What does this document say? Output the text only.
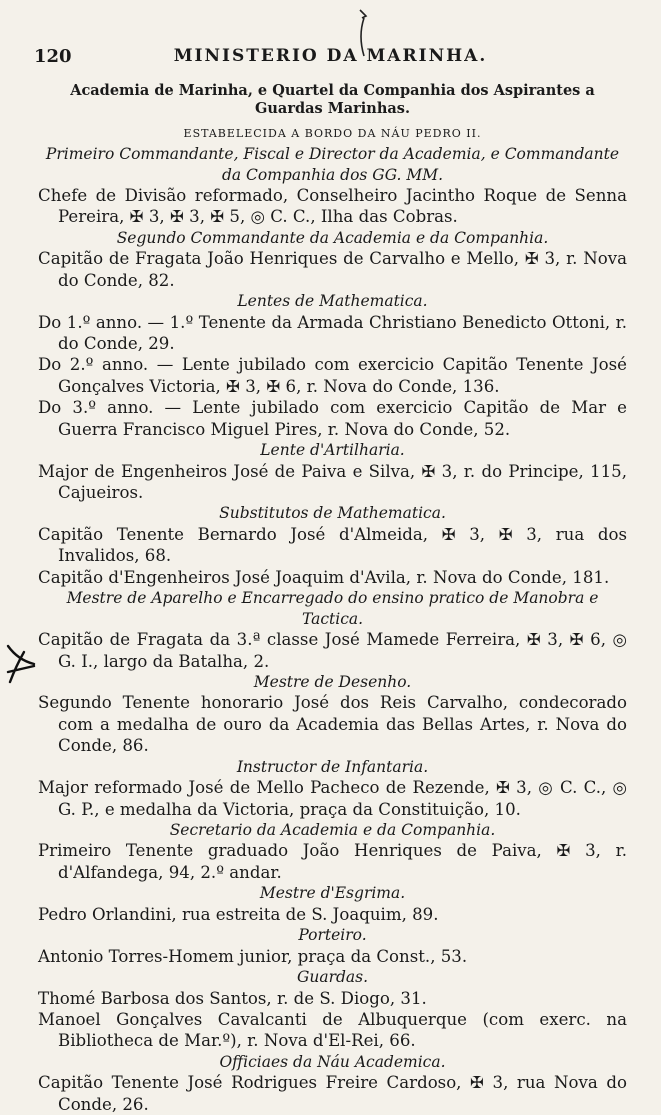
120	MINISTERIO DA MARINHA.
Academia de Marinha, e Quartel da Companhia dos Aspirantes a Guardas Marinhas.
ESTABELECIDA A BORDO DA NÁU PEDRO II.
Primeiro Commandante, Fiscal e Director da Academia, e Commandante da Companhia dos GG. MM.
Chefe de Divisão reformado, Conselheiro Jacintho Roque de Senna Pereira, ✠ 3, ✠ 3, ✠ 5, ◎ C. C., Ilha das Cobras.
Segundo Commandante da Academia e da Companhia.
Capitão de Fragata João Henriques de Carvalho e Mello, ✠ 3, r. Nova do Conde, 82.
Lentes de Mathematica.
Do 1.º anno. — 1.º Tenente da Armada Christiano Benedicto Ottoni, r. do Conde, 29.
Do 2.º anno. — Lente jubilado com exercicio Capitão Tenente José Gonçalves Victoria, ✠ 3, ✠ 6, r. Nova do Conde, 136.
Do 3.º anno. — Lente jubilado com exercicio Capitão de Mar e Guerra Francisco Miguel Pires, r. Nova do Conde, 52.
Lente d'Artilharia.
Major de Engenheiros José de Paiva e Silva, ✠ 3, r. do Principe, 115, Cajueiros.
Substitutos de Mathematica.
Capitão Tenente Bernardo José d'Almeida, ✠ 3, ✠ 3, rua dos Invalidos, 68.
Capitão d'Engenheiros José Joaquim d'Avila, r. Nova do Conde, 181.
Mestre de Aparelho e Encarregado do ensino pratico de Manobra e Tactica.
Capitão de Fragata da 3.ª classe José Mamede Ferreira, ✠ 3, ✠ 6, ◎ G. I., largo da Batalha, 2.
Mestre de Desenho.
Segundo Tenente honorario José dos Reis Carvalho, condecorado com a medalha de ouro da Academia das Bellas Artes, r. Nova do Conde, 86.
Instructor de Infantaria.
Major reformado José de Mello Pacheco de Rezende, ✠ 3, ◎ C. C., ◎ G. P., e medalha da Victoria, praça da Constituição, 10.
Secretario da Academia e da Companhia.
Primeiro Tenente graduado João Henriques de Paiva, ✠ 3, r. d'Alfandega, 94, 2.º andar.
Mestre d'Esgrima.
Pedro Orlandini, rua estreita de S. Joaquim, 89.
Porteiro.
Antonio Torres-Homem junior, praça da Const., 53.
Guardas.
Thomé Barbosa dos Santos, r. de S. Diogo, 31.
Manoel Gonçalves Cavalcanti de Albuquerque (com exerc. na Bibliotheca de Mar.º), r. Nova d'El-Rei, 66.
Officiaes da Náu Academica.
Capitão Tenente José Rodrigues Freire Cardoso, ✠ 3, rua Nova do Conde, 26.
